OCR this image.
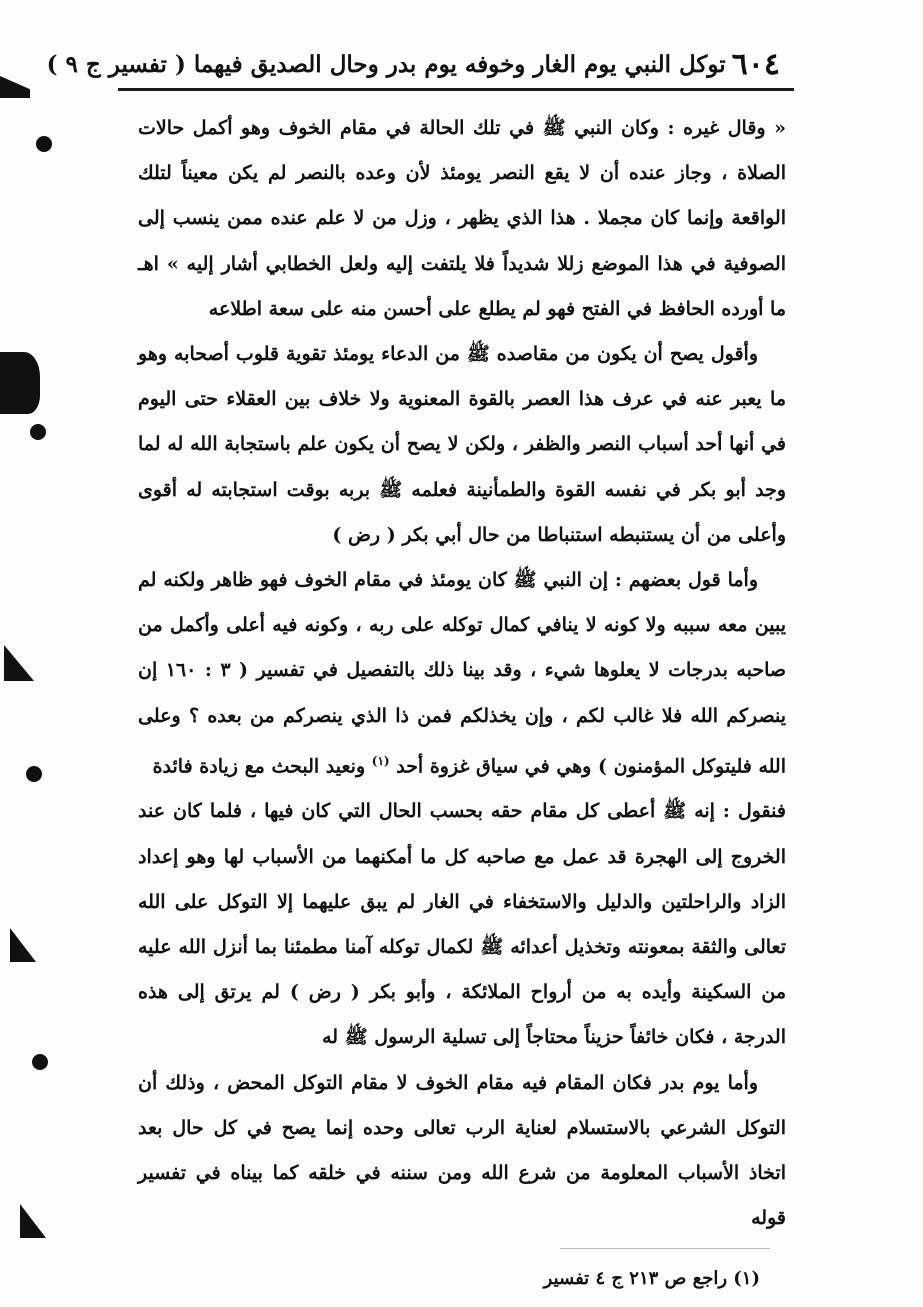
٦٠٤
توكل النبي يوم الغار وخوفه يوم بدر وحال الصديق فيهما ( تفسير ج ٩ )

« وقال غيره : وكان النبي ﷺ في تلك الحالة في مقام الخوف وهو أكمل حالات الصلاة ، وجاز عنده أن لا يقع النصر يومئذ لأن وعده بالنصر لم يكن معيناً لتلك الواقعة وإنما كان مجملا . هذا الذي يظهر ، وزل من لا علم عنده ممن ينسب إلى الصوفية في هذا الموضع زللا شديداً فلا يلتفت إليه ولعل الخطابي أشار إليه » اهـ ما أورده الحافظ في الفتح فهو لم يطلع على أحسن منه على سعة اطلاعه

وأقول يصح أن يكون من مقاصده ﷺ من الدعاء يومئذ تقوية قلوب أصحابه وهو ما يعبر عنه في عرف هذا العصر بالقوة المعنوية ولا خلاف بين العقلاء حتى اليوم في أنها أحد أسباب النصر والظفر ، ولكن لا يصح أن يكون علم باستجابة الله له لما وجد أبو بكر في نفسه القوة والطمأنينة فعلمه ﷺ بربه بوقت استجابته له أقوى وأعلى من أن يستنبطه استنباطا من حال أبي بكر ( رض )

وأما قول بعضهم : إن النبي ﷺ كان يومئذ في مقام الخوف فهو ظاهر ولكنه لم يبين معه سببه ولا كونه لا ينافي كمال توكله على ربه ، وكونه فيه أعلى وأكمل من صاحبه بدرجات لا يعلوها شيء ، وقد بينا ذلك بالتفصيل في تفسير ( ٣ : ١٦٠ إن ينصركم الله فلا غالب لكم ، وإن يخذلكم فمن ذا الذي ينصركم من بعده ؟ وعلى الله فليتوكل المؤمنون ) وهي في سياق غزوة أحد $^{(١)}$ ونعيد البحث مع زيادة فائدة

فنقول : إنه ﷺ أعطى كل مقام حقه بحسب الحال التي كان فيها ، فلما كان عند الخروج إلى الهجرة قد عمل مع صاحبه كل ما أمكنهما من الأسباب لها وهو إعداد الزاد والراحلتين والدليل والاستخفاء في الغار لم يبق عليهما إلا التوكل على الله تعالى والثقة بمعونته وتخذيل أعدائه ﷺ لكمال توكله آمنا مطمئنا بما أنزل الله عليه من السكينة وأيده به من أرواح الملائكة ، وأبو بكر ( رض ) لم يرتق إلى هذه الدرجة ، فكان خائفاً حزيناً محتاجاً إلى تسلية الرسول ﷺ له

وأما يوم بدر فكان المقام فيه مقام الخوف لا مقام التوكل المحض ، وذلك أن التوكل الشرعي بالاستسلام لعناية الرب تعالى وحده إنما يصح في كل حال بعد اتخاذ الأسباب المعلومة من شرع الله ومن سننه في خلقه كما بيناه في تفسير قوله

(١) راجع ص ٢١٣ ج ٤ تفسير
